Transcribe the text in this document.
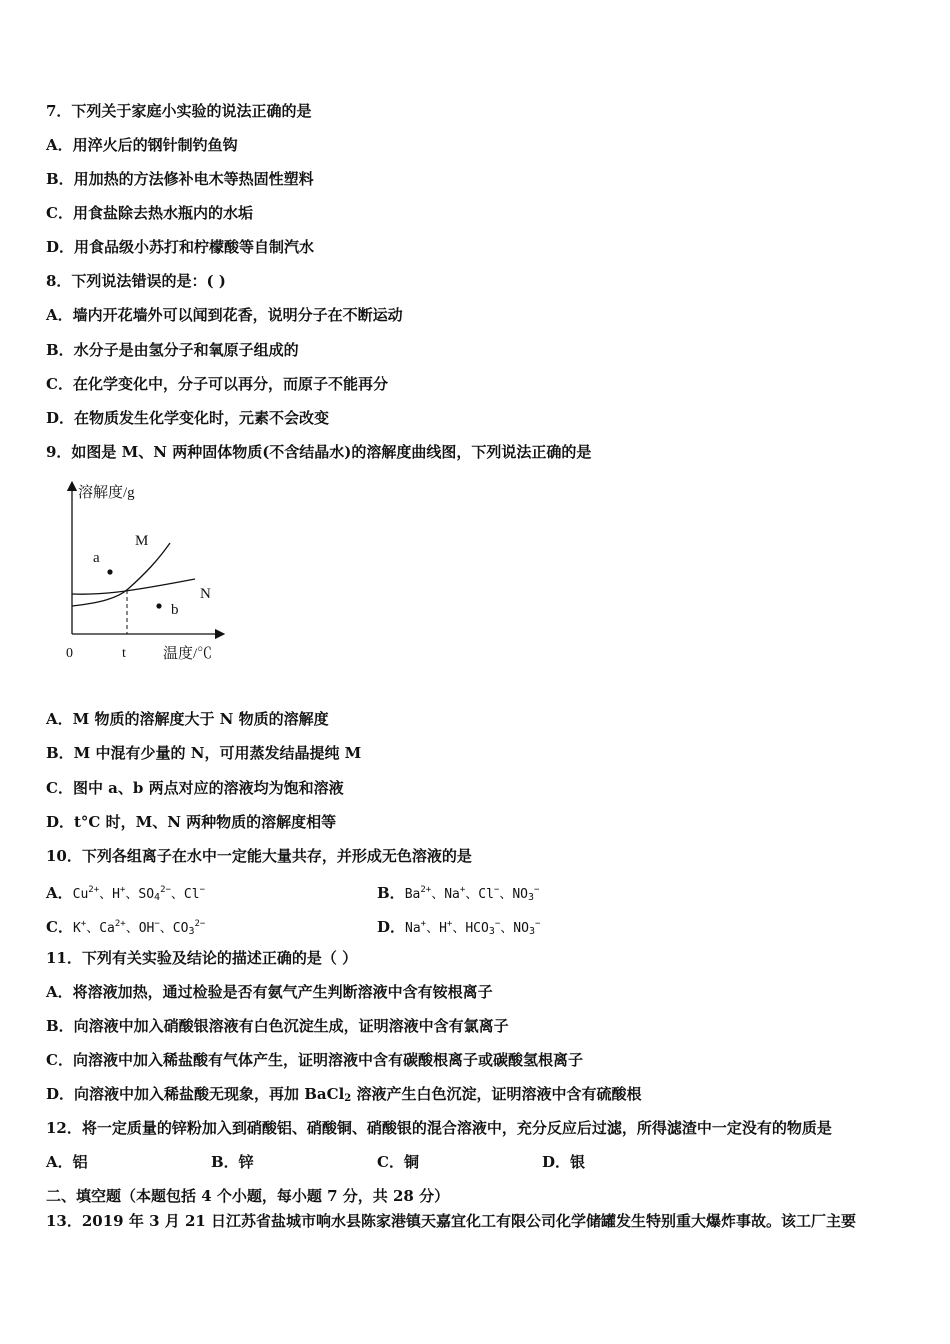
7．下列关于家庭小实验的说法正确的是
A．用淬火后的钢针制钓鱼钩
B．用加热的方法修补电木等热固性塑料
C．用食盐除去热水瓶内的水垢
D．用食品级小苏打和柠檬酸等自制汽水
8．下列说法错误的是：( )
A．墙内开花墙外可以闻到花香，说明分子在不断运动
B．水分子是由氢分子和氧原子组成的
C．在化学变化中，分子可以再分，而原子不能再分
D．在物质发生化学变化时，元素不会改变
9．如图是 M、N 两种固体物质(不含结晶水)的溶解度曲线图，下列说法正确的是
溶解度/g
温度/℃
0	t
M
N
a
b
A．M 物质的溶解度大于 N 物质的溶解度
B．M 中混有少量的 N，可用蒸发结晶提纯 M
C．图中 a、b 两点对应的溶液均为饱和溶液
D．t°C 时，M、N 两种物质的溶解度相等
10．下列各组离子在水中一定能大量共存，并形成无色溶液的是
A．$Cu^{2+}$、H+、$SO_4^{2-}$、Cl−	B．$Ba^{2+}$、Na+、Cl−、$NO_3^-$
C．K+、$Ca^{2+}$、OH−、$CO_3^{2-}$	D．Na+、H+、$HCO_3^-$、$NO_3^-$
11．下列有关实验及结论的描述正确的是（ ）
A．将溶液加热，通过检验是否有氨气产生判断溶液中含有铵根离子
B．向溶液中加入硝酸银溶液有白色沉淀生成，证明溶液中含有氯离子
C．向溶液中加入稀盐酸有气体产生，证明溶液中含有碳酸根离子或碳酸氢根离子
D．向溶液中加入稀盐酸无现象，再加 BaCl$_2$ 溶液产生白色沉淀，证明溶液中含有硫酸根
12．将一定质量的锌粉加入到硝酸铝、硝酸铜、硝酸银的混合溶液中，充分反应后过滤，所得滤渣中一定没有的物质是
A．铝	B．锌	C．铜	D．银
二、填空题（本题包括 4 个小题，每小题 7 分，共 28 分）
13．2019 年 3 月 21 日江苏省盐城市响水县陈家港镇天嘉宜化工有限公司化学储罐发生特别重大爆炸事故。该工厂主要
